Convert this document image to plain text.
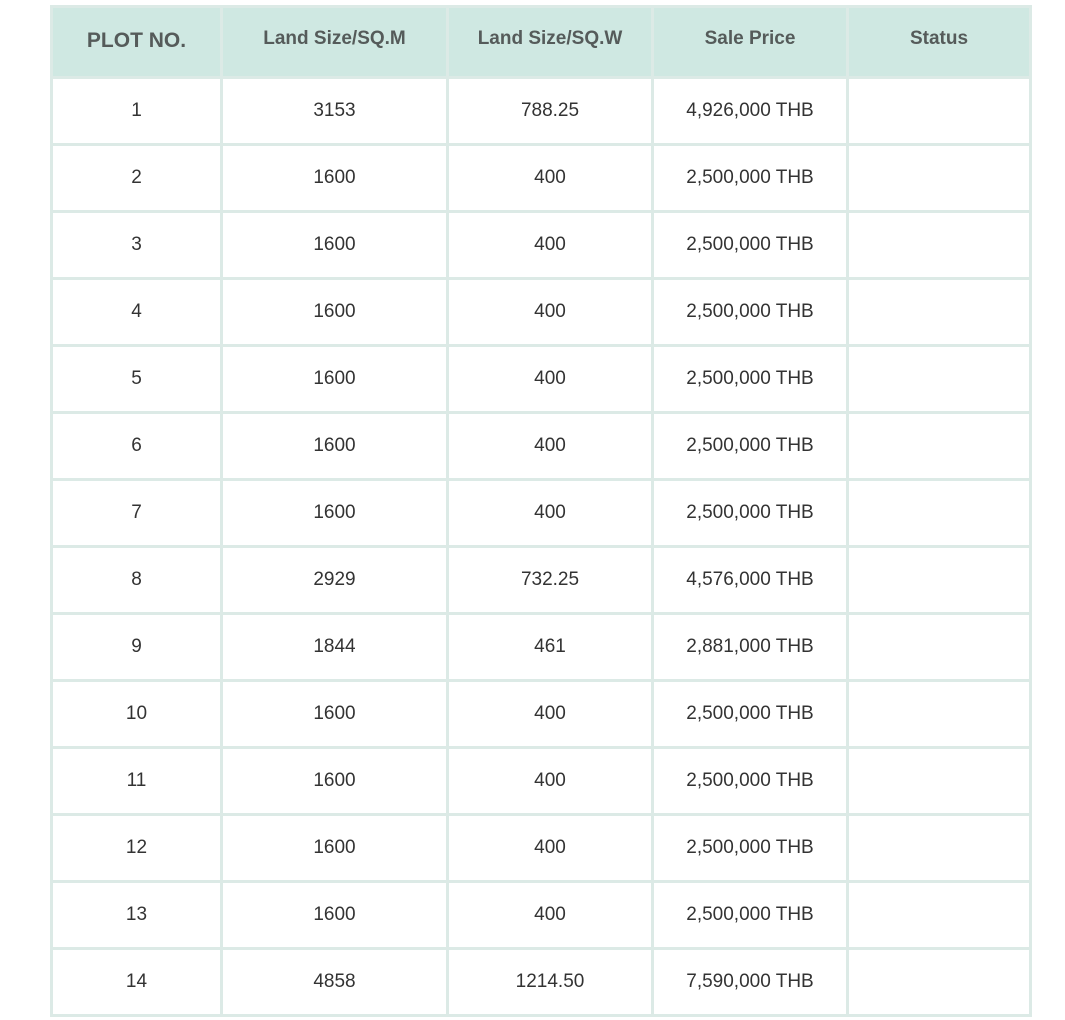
PLOT NO.	Land Size/SQ.M	Land Size/SQ.W	Sale Price	Status
1	3153	788.25	4,926,000 THB	
2	1600	400	2,500,000 THB	
3	1600	400	2,500,000 THB	
4	1600	400	2,500,000 THB	
5	1600	400	2,500,000 THB	
6	1600	400	2,500,000 THB	
7	1600	400	2,500,000 THB	
8	2929	732.25	4,576,000 THB	
9	1844	461	2,881,000 THB	
10	1600	400	2,500,000 THB	
11	1600	400	2,500,000 THB	
12	1600	400	2,500,000 THB	
13	1600	400	2,500,000 THB	
14	4858	1214.50	7,590,000 THB	
